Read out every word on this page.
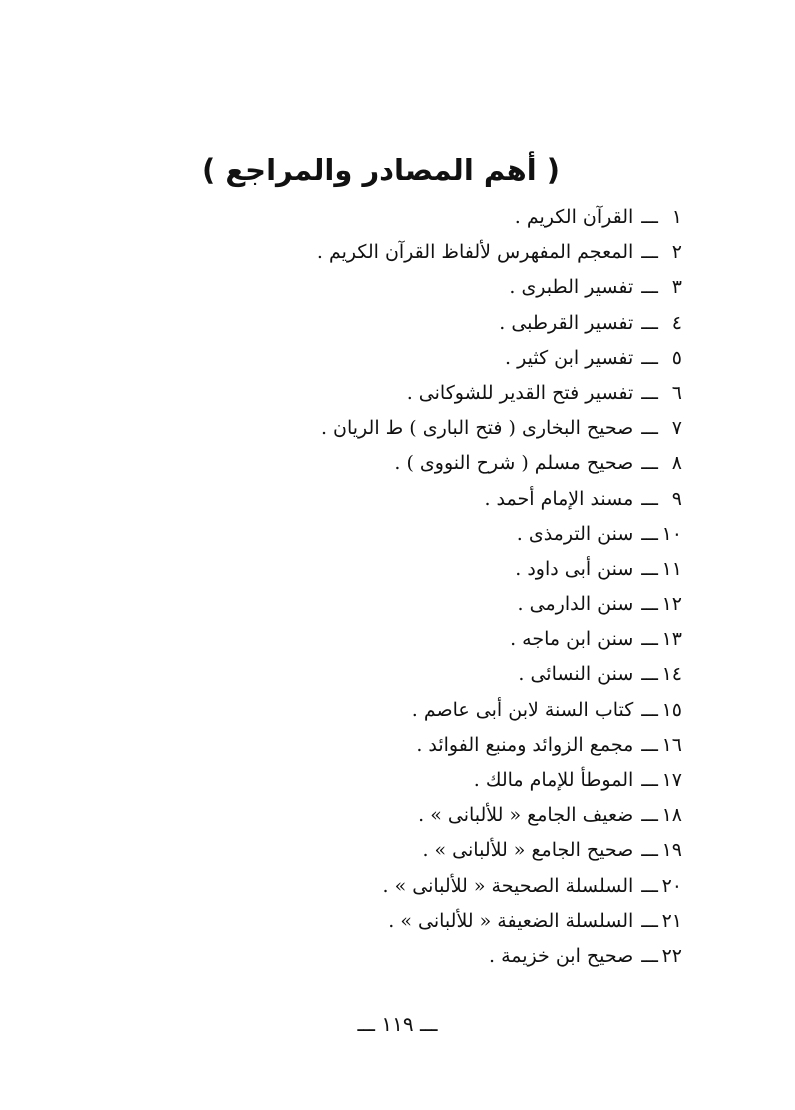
( أهم المصادر والمراجع )
١ـــالقرآن الكريم .
٢ـــالمعجم المفهرس لألفاظ القرآن الكريم .
٣ـــتفسير الطبرى .
٤ـــتفسير القرطبى .
٥ـــتفسير ابن كثير .
٦ـــتفسير فتح القدير للشوكانى .
٧ـــصحيح البخارى ( فتح البارى ) ط الريان .
٨ـــصحيح مسلم ( شرح النووى ) .
٩ـــمسند الإمام أحمد .
١٠ـــسنن الترمذى .
١١ـــسنن أبى داود .
١٢ـــسنن الدارمى .
١٣ـــسنن ابن ماجه .
١٤ـــسنن النسائى .
١٥ـــكتاب السنة لابن أبى عاصم .
١٦ـــمجمع الزوائد ومنبع الفوائد .
١٧ـــالموطأ للإمام مالك .
١٨ـــضعيف الجامع « للألبانى » .
١٩ـــصحيح الجامع « للألبانى » .
٢٠ـــالسلسلة الصحيحة « للألبانى » .
٢١ـــالسلسلة الضعيفة « للألبانى » .
٢٢ـــصحيح ابن خزيمة .
ـــ ١١٩ ـــ
